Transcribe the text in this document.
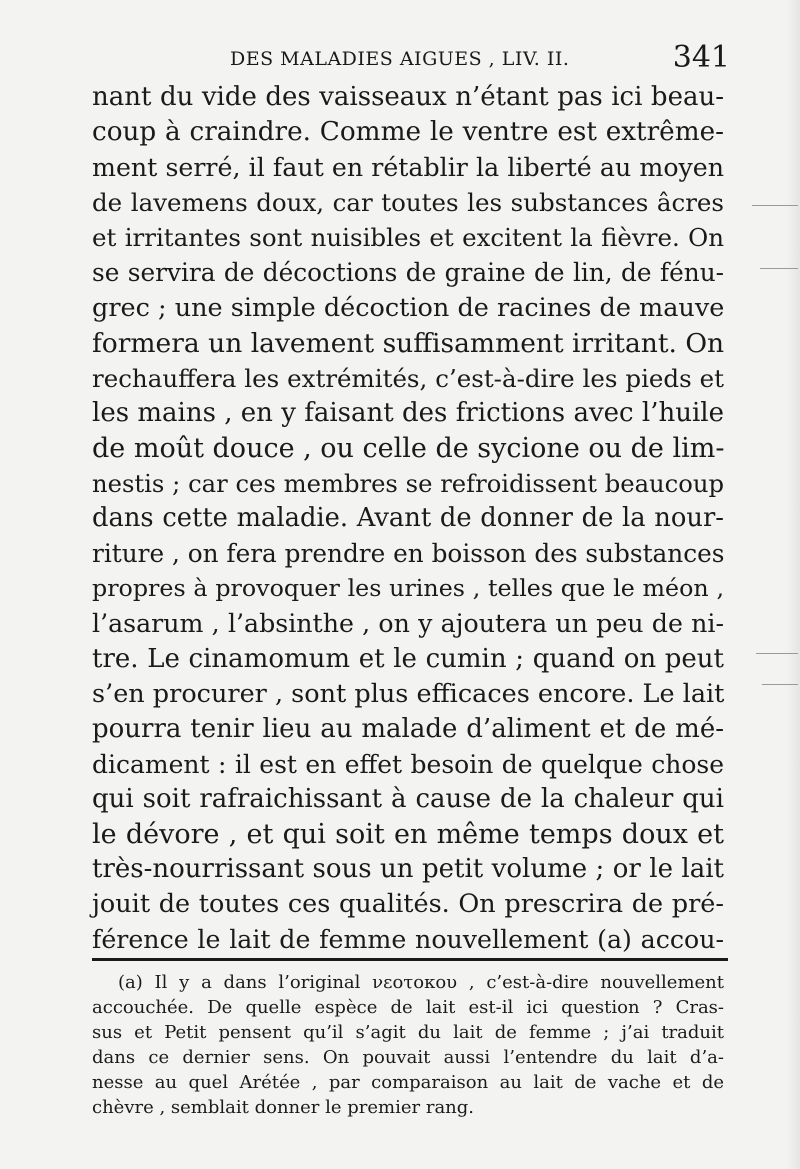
DES MALADIES AIGUES , LIV. II.	341
nant du vide des vaisseaux n’étant pas ici beau-
coup à craindre. Comme le ventre est extrême-
ment serré, il faut en rétablir la liberté au moyen
de lavemens doux, car toutes les substances âcres
et irritantes sont nuisibles et excitent la fièvre. On
se servira de décoctions de graine de lin, de fénu-
grec ; une simple décoction de racines de mauve
formera un lavement suffisamment irritant. On
rechauffera les extrémités, c’est-à-dire les pieds et
les mains , en y faisant des frictions avec l’huile
de moût douce , ou celle de sycione ou de lim-
nestis ; car ces membres se refroidissent beaucoup
dans cette maladie. Avant de donner de la nour-
riture , on fera prendre en boisson des substances
propres à provoquer les urines , telles que le méon ,
l’asarum , l’absinthe , on y ajoutera un peu de ni-
tre. Le cinamomum et le cumin ; quand on peut
s’en procurer , sont plus efficaces encore. Le lait
pourra tenir lieu au malade d’aliment et de mé-
dicament : il est en effet besoin de quelque chose
qui soit rafraichissant à cause de la chaleur qui
le dévore , et qui soit en même temps doux et
très-nourrissant sous un petit volume ; or le lait
jouit de toutes ces qualités. On prescrira de pré-
férence le lait de femme nouvellement (a) accou-
(a) Il y a dans l’original νεοτοκου , c’est-à-dire nouvellement
accouchée. De quelle espèce de lait est-il ici question ? Cras-
sus et Petit pensent qu’il s’agit du lait de femme ; j’ai traduit
dans ce dernier sens. On pouvait aussi l’entendre du lait d’a-
nesse au quel Arétée , par comparaison au lait de vache et de
chèvre , semblait donner le premier rang.
